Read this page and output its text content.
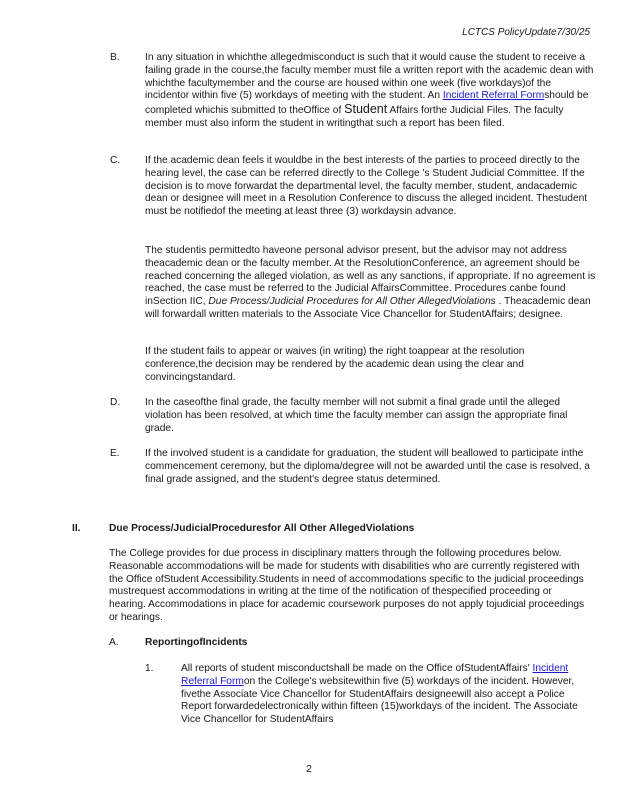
LCTCS PolicyUpdate7/30/25
B. In any situation in whichthe allegedmisconduct is such that it would cause the student to receive a failing grade in the course,the faculty member must file a written report with the academic dean with whichthe facultymember and the course are housed within one week (five workdays)of the incidentor within five (5) workdays of meeting with the student. An Incident Referral Formshould be completed whichis submitted to theOffice of Student Affairs forthe Judicial Files. The faculty member must also inform the student in writingthat such a report has been filed.

C. If the academic dean feels it wouldbe in the best interests of the parties to proceed directly to the hearing level, the case can be referred directly to the College 's Student Judicial Committee. If the decision is to move forwardat the departmental level, the faculty member, student, andacademic dean or designee will meet in a Resolution Conference to discuss the alleged incident. Thestudent must be notifiedof the meeting at least three (3) workdaysin advance.

The studentis permittedto haveone personal advisor present, but the advisor may not address theacademic dean or the faculty member. At the ResolutionConference, an agreement should be reached concerning the alleged violation, as well as any sanctions, if appropriate. If no agreement is reached, the case must be referred to the Judicial AffairsCommittee. Procedures canbe found inSection IIC, Due Process/Judicial Procedures for All Other AllegedViolations . Theacademic dean will forwardall written materials to the Associate Vice Chancellor for StudentAffairs; designee.

If the student fails to appear or waives (in writing) the right toappear at the resolution conference,the decision may be rendered by the academic dean using the clear and convincingstandard.

D. In the caseofthe final grade, the faculty member will not submit a final grade until the alleged violation has been resolved, at which time the faculty member can assign the appropriate final grade.

E. If the involved student is a candidate for graduation, the student will beallowed to participate inthe commencement ceremony, but the diploma/degree will not be awarded until the case is resolved, a final grade assigned, and the student's degree status determined.

II.	Due Process/JudicialProceduresfor All Other AllegedViolations

The College provides for due process in disciplinary matters through the following procedures below. Reasonable accommodations will be made for students with disabilities who are currently registered with the Office ofStudent Accessibility.Students in need of accommodations specific to the judicial proceedings mustrequest accommodations in writing at the time of the notification of thespecified proceeding or hearing. Accommodations in place for academic coursework purposes do not apply tojudicial proceedings or hearings.

A.	ReportingofIncidents
1.	All reports of student misconductshall be made on the Office ofStudentAffairs' Incident Referral Formon the College's websitewithin five (5) workdays of the incident. However, fivethe Associate Vice Chancellor for StudentAffairs designeewill also accept a Police Report forwardedelectronically within fifteen (15)workdays of the incident. The Associate Vice Chancellor for StudentAffairs

2
